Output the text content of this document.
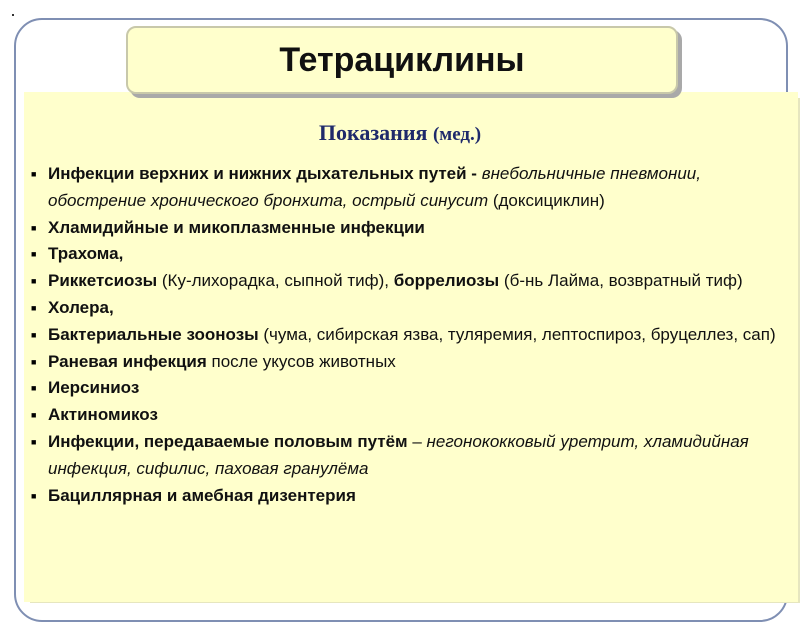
Тетрациклины
Показания (мед.)
■ Инфекции верхних и нижних дыхательных путей - внебольничные пневмонии, обострение хронического бронхита, острый синусит (доксициклин)
■ Хламидийные и микоплазменные инфекции
■ Трахома,
■ Риккетсиозы (Ку-лихорадка, сыпной тиф), боррелиозы (б-нь Лайма, возвратный тиф)
■ Холера,
■ Бактериальные зоонозы (чума, сибирская язва, туляремия, лептоспироз, бруцеллез, сап)
■ Раневая инфекция после укусов животных
■ Иерсиниоз
■ Актиномикоз
■ Инфекции, передаваемые половым путём – негонококковый уретрит, хламидийная инфекция, сифилис, паховая гранулёма
■ Бациллярная и амебная дизентерия
